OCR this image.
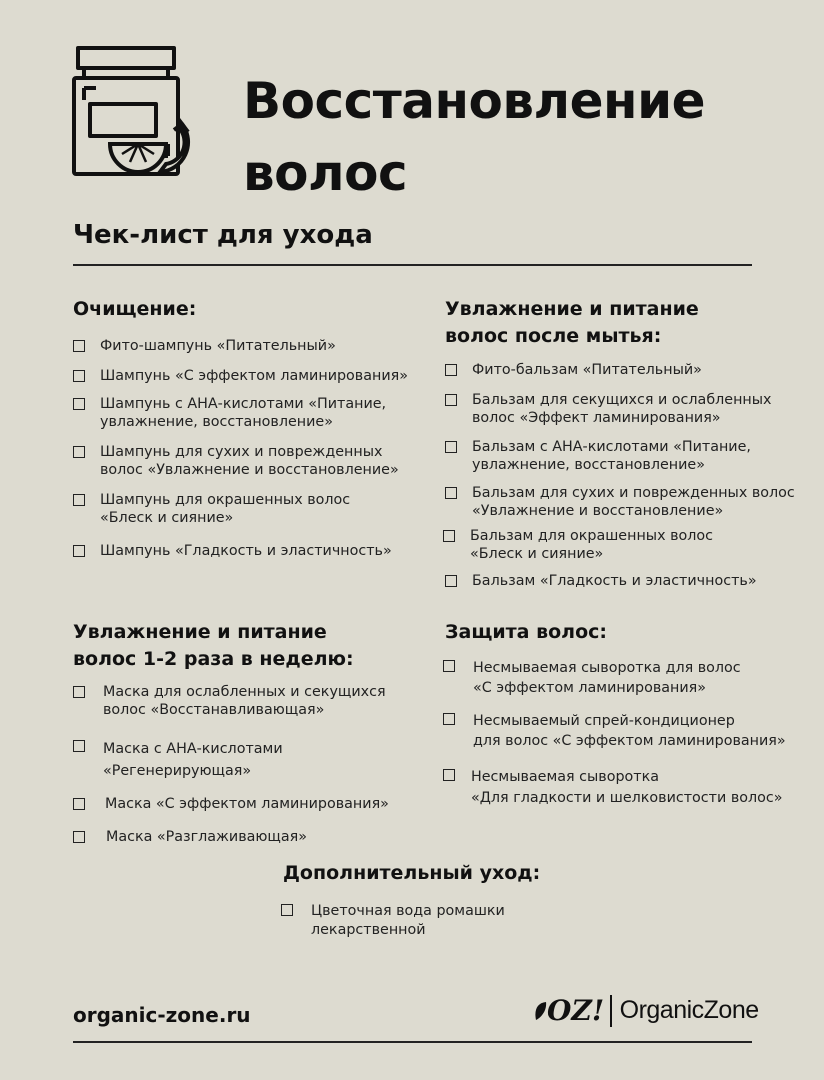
Восстановление
волос
Чек-лист для ухода
Очищение:
Фито-шампунь «Питательный»
Шампунь «С эффектом ламинирования»
Шампунь с АНА-кислотами «Питание,
увлажнение, восстановление»
Шампунь для сухих и поврежденных
волос «Увлажнение и восстановление»
Шампунь для окрашенных волос
«Блеск и сияние»
Шампунь «Гладкость и эластичность»
Увлажнение и питание
волос после мытья:
Фито-бальзам «Питательный»
Бальзам для секущихся и ослабленных
волос «Эффект ламинирования»
Бальзам с АНА-кислотами «Питание,
увлажнение, восстановление»
Бальзам для сухих и поврежденных волос
«Увлажнение и восстановление»
Бальзам для окрашенных волос
«Блеск и сияние»
Бальзам «Гладкость и эластичность»
Увлажнение и питание
волос 1-2 раза в неделю:
Маска для ослабленных и секущихся
волос «Восстанавливающая»
Маска с АНА-кислотами
«Регенерирующая»
Маска «С эффектом ламинирования»
Маска «Разглаживающая»
Защита волос:
Несмываемая сыворотка для волос
«С эффектом ламинирования»
Несмываемый спрей-кондиционер
для волос «С эффектом ламинирования»
Несмываемая сыворотка
«Для гладкости и шелковистости волос»
Дополнительный уход:
Цветочная вода ромашки
лекарственной
organic-zone.ru	OZ! OrganicZone
